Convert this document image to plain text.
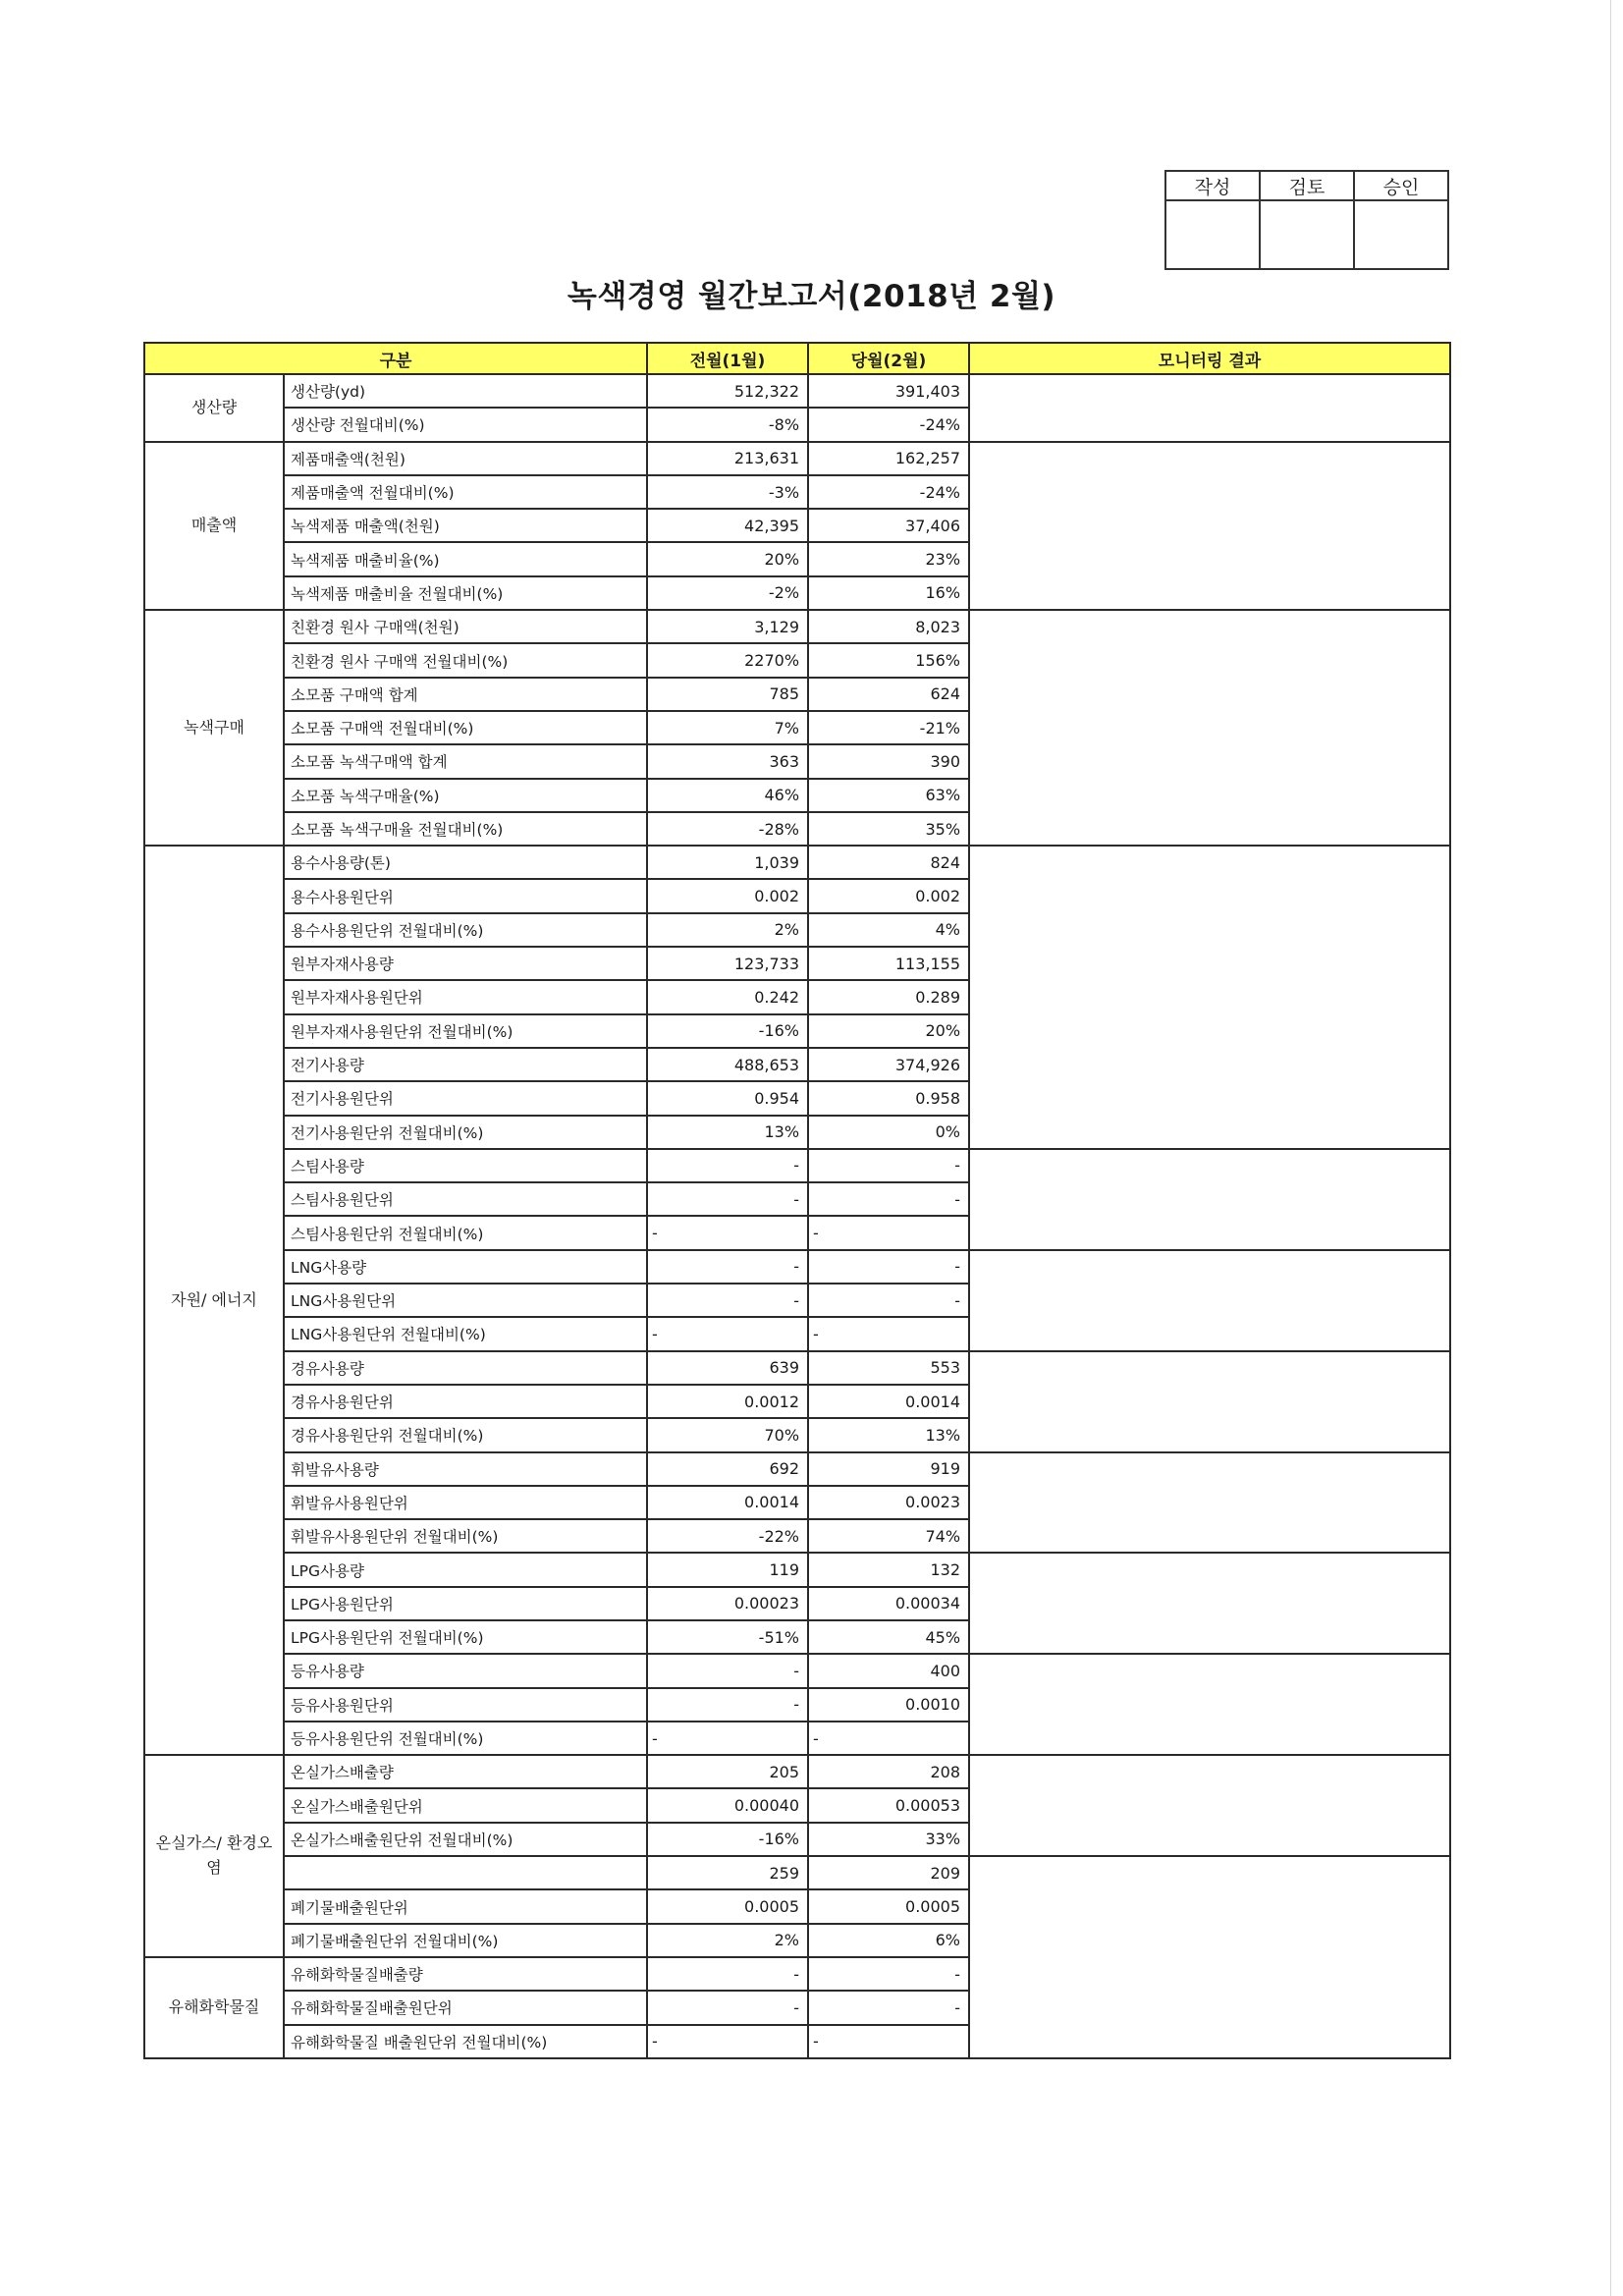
작성	검토	승인

녹색경영 월간보고서(2018년 2월)
구분		전월(1월)	당월(2월)	모니터링 결과
생산량	생산량(yd)	512,322	391,403	
	생산량 전월대비(%)	-8%	-24%	
매출액	제품매출액(천원)	213,631	162,257	
	제품매출액 전월대비(%)	-3%	-24%	
	녹색제품 매출액(천원)	42,395	37,406	
	녹색제품 매출비율(%)	20%	23%	
	녹색제품 매출비율 전월대비(%)	-2%	16%	
녹색구매	친환경 원사 구매액(천원)	3,129	8,023	
	친환경 원사 구매액 전월대비(%)	2270%	156%	
	소모품 구매액 합계	785	624	
	소모품 구매액 전월대비(%)	7%	-21%	
	소모품 녹색구매액 합계	363	390	
	소모품 녹색구매율(%)	46%	63%	
	소모품 녹색구매율 전월대비(%)	-28%	35%	
자원/ 에너지	용수사용량(톤)	1,039	824	
	용수사용원단위	0.002	0.002	
	용수사용원단위 전월대비(%)	2%	4%	
	원부자재사용량	123,733	113,155	
	원부자재사용원단위	0.242	0.289	
	원부자재사용원단위 전월대비(%)	-16%	20%	
	전기사용량	488,653	374,926	
	전기사용원단위	0.954	0.958	
	전기사용원단위 전월대비(%)	13%	0%	
	스팀사용량	-	-	
	스팀사용원단위	-	-	
	스팀사용원단위 전월대비(%)	-	-	
	LNG사용량	-	-	
	LNG사용원단위	-	-	
	LNG사용원단위 전월대비(%)	-	-	
	경유사용량	639	553	
	경유사용원단위	0.0012	0.0014	
	경유사용원단위 전월대비(%)	70%	13%	
	휘발유사용량	692	919	
	휘발유사용원단위	0.0014	0.0023	
	휘발유사용원단위 전월대비(%)	-22%	74%	
	LPG사용량	119	132	
	LPG사용원단위	0.00023	0.00034	
	LPG사용원단위 전월대비(%)	-51%	45%	
	등유사용량	-	400	
	등유사용원단위	-	0.0010	
	등유사용원단위 전월대비(%)	-	-	
온실가스/ 환경오염	온실가스배출량	205	208	
	온실가스배출원단위	0.00040	0.00053	
	온실가스배출원단위 전월대비(%)	-16%	33%	
		259	209	
	폐기물배출원단위	0.0005	0.0005	
	폐기물배출원단위 전월대비(%)	2%	6%	
유해화학물질	유해화학물질배출량	-	-	
	유해화학물질배출원단위	-	-	
	유해화학물질 배출원단위 전월대비(%)	-	-	
